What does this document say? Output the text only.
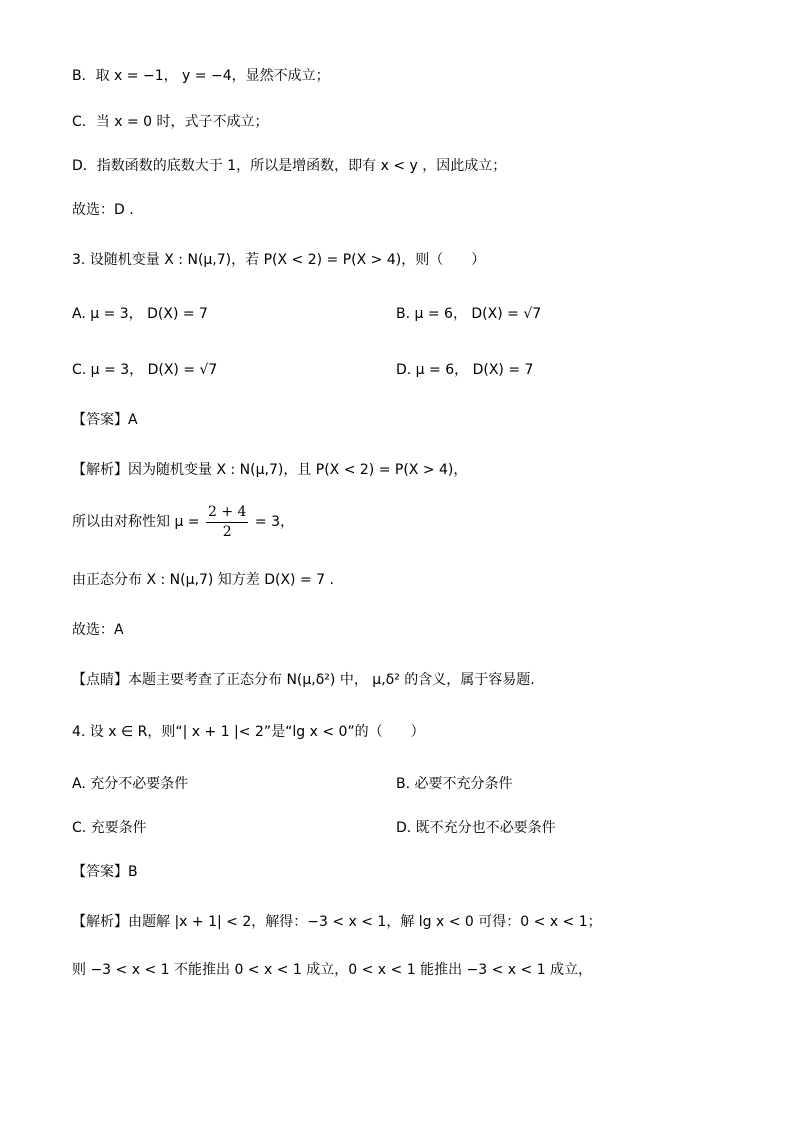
B．取 x = −1， y = −4，显然不成立；
C．当 x = 0 时，式子不成立；
D．指数函数的底数大于 1，所以是增函数，即有 x < y ，因此成立；
故选：D .
3. 设随机变量 X : N(μ,7)，若 P(X < 2) = P(X > 4)，则（　　）
A. μ = 3， D(X) = 7	B. μ = 6， D(X) = √7
C. μ = 3， D(X) = √7	D. μ = 6， D(X) = 7
【答案】A
【解析】因为随机变量 X : N(μ,7)，且 P(X < 2) = P(X > 4)，
所以由对称性知 $\mu = \frac{2 + 4}{2} = 3$，
由正态分布 X : N(μ,7) 知方差 D(X) = 7 .
故选：A
【点睛】本题主要考查了正态分布 N(μ,δ²) 中， μ,δ² 的含义，属于容易题.
4. 设 x ∈ R，则“| x + 1 |< 2”是“lg x < 0”的（　　）
A. 充分不必要条件	B. 必要不充分条件
C. 充要条件	D. 既不充分也不必要条件
【答案】B
【解析】由题解 |x + 1| < 2，解得：−3 < x < 1，解 lg x < 0 可得：0 < x < 1；
则 −3 < x < 1 不能推出 0 < x < 1 成立，0 < x < 1 能推出 −3 < x < 1 成立，
